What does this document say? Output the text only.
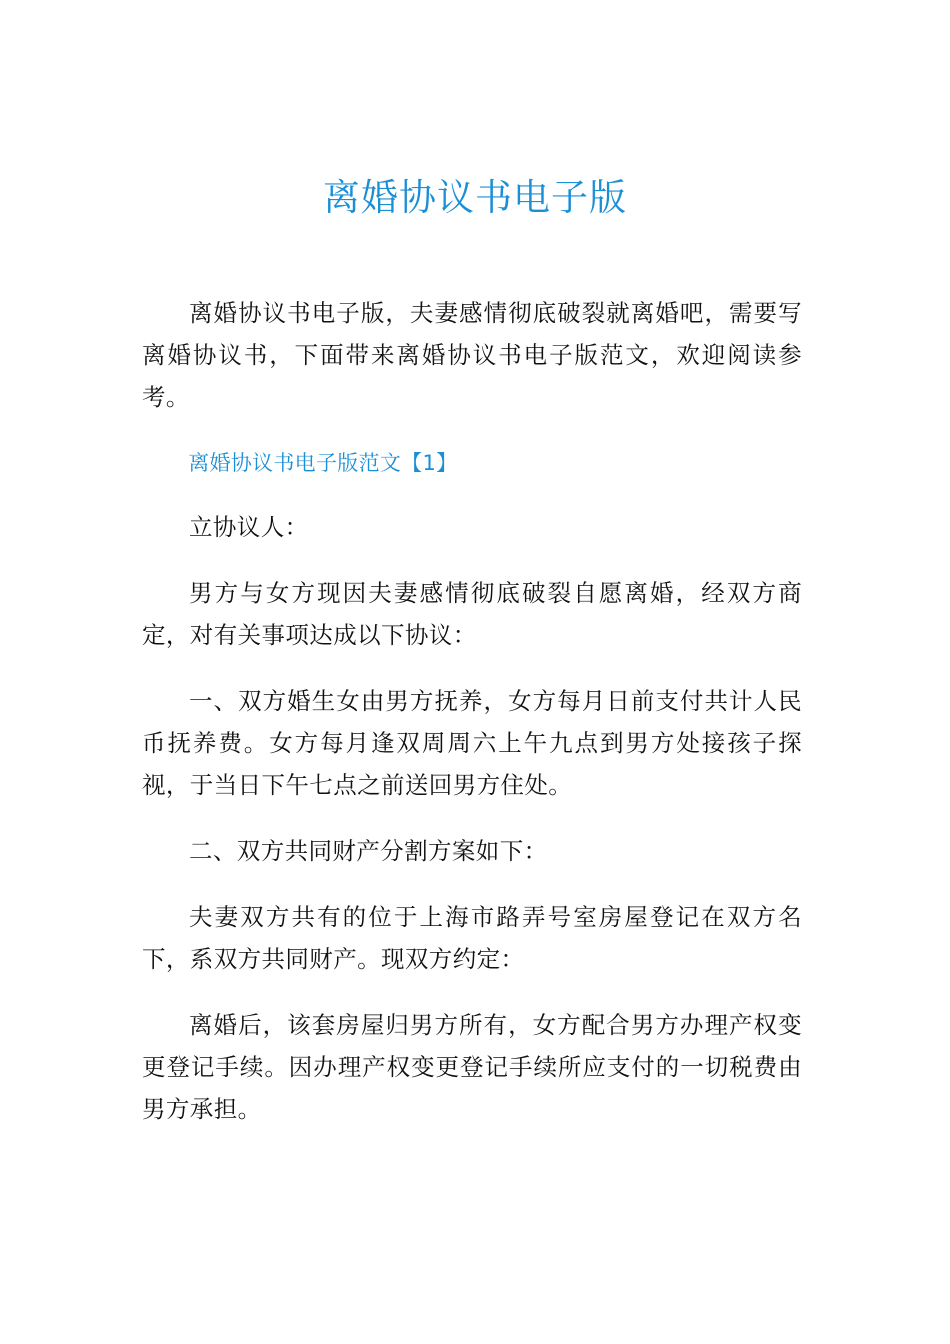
离婚协议书电子版

离婚协议书电子版，夫妻感情彻底破裂就离婚吧，需要写离婚协议书，下面带来离婚协议书电子版范文，欢迎阅读参考。

离婚协议书电子版范文【1】

立协议人：

男方与女方现因夫妻感情彻底破裂自愿离婚，经双方商定，对有关事项达成以下协议：

一、双方婚生女由男方抚养，女方每月日前支付共计人民币抚养费。女方每月逢双周周六上午九点到男方处接孩子探视，于当日下午七点之前送回男方住处。

二、双方共同财产分割方案如下：

夫妻双方共有的位于上海市路弄号室房屋登记在双方名下，系双方共同财产。现双方约定：

离婚后，该套房屋归男方所有，女方配合男方办理产权变更登记手续。因办理产权变更登记手续所应支付的一切税费由男方承担。
